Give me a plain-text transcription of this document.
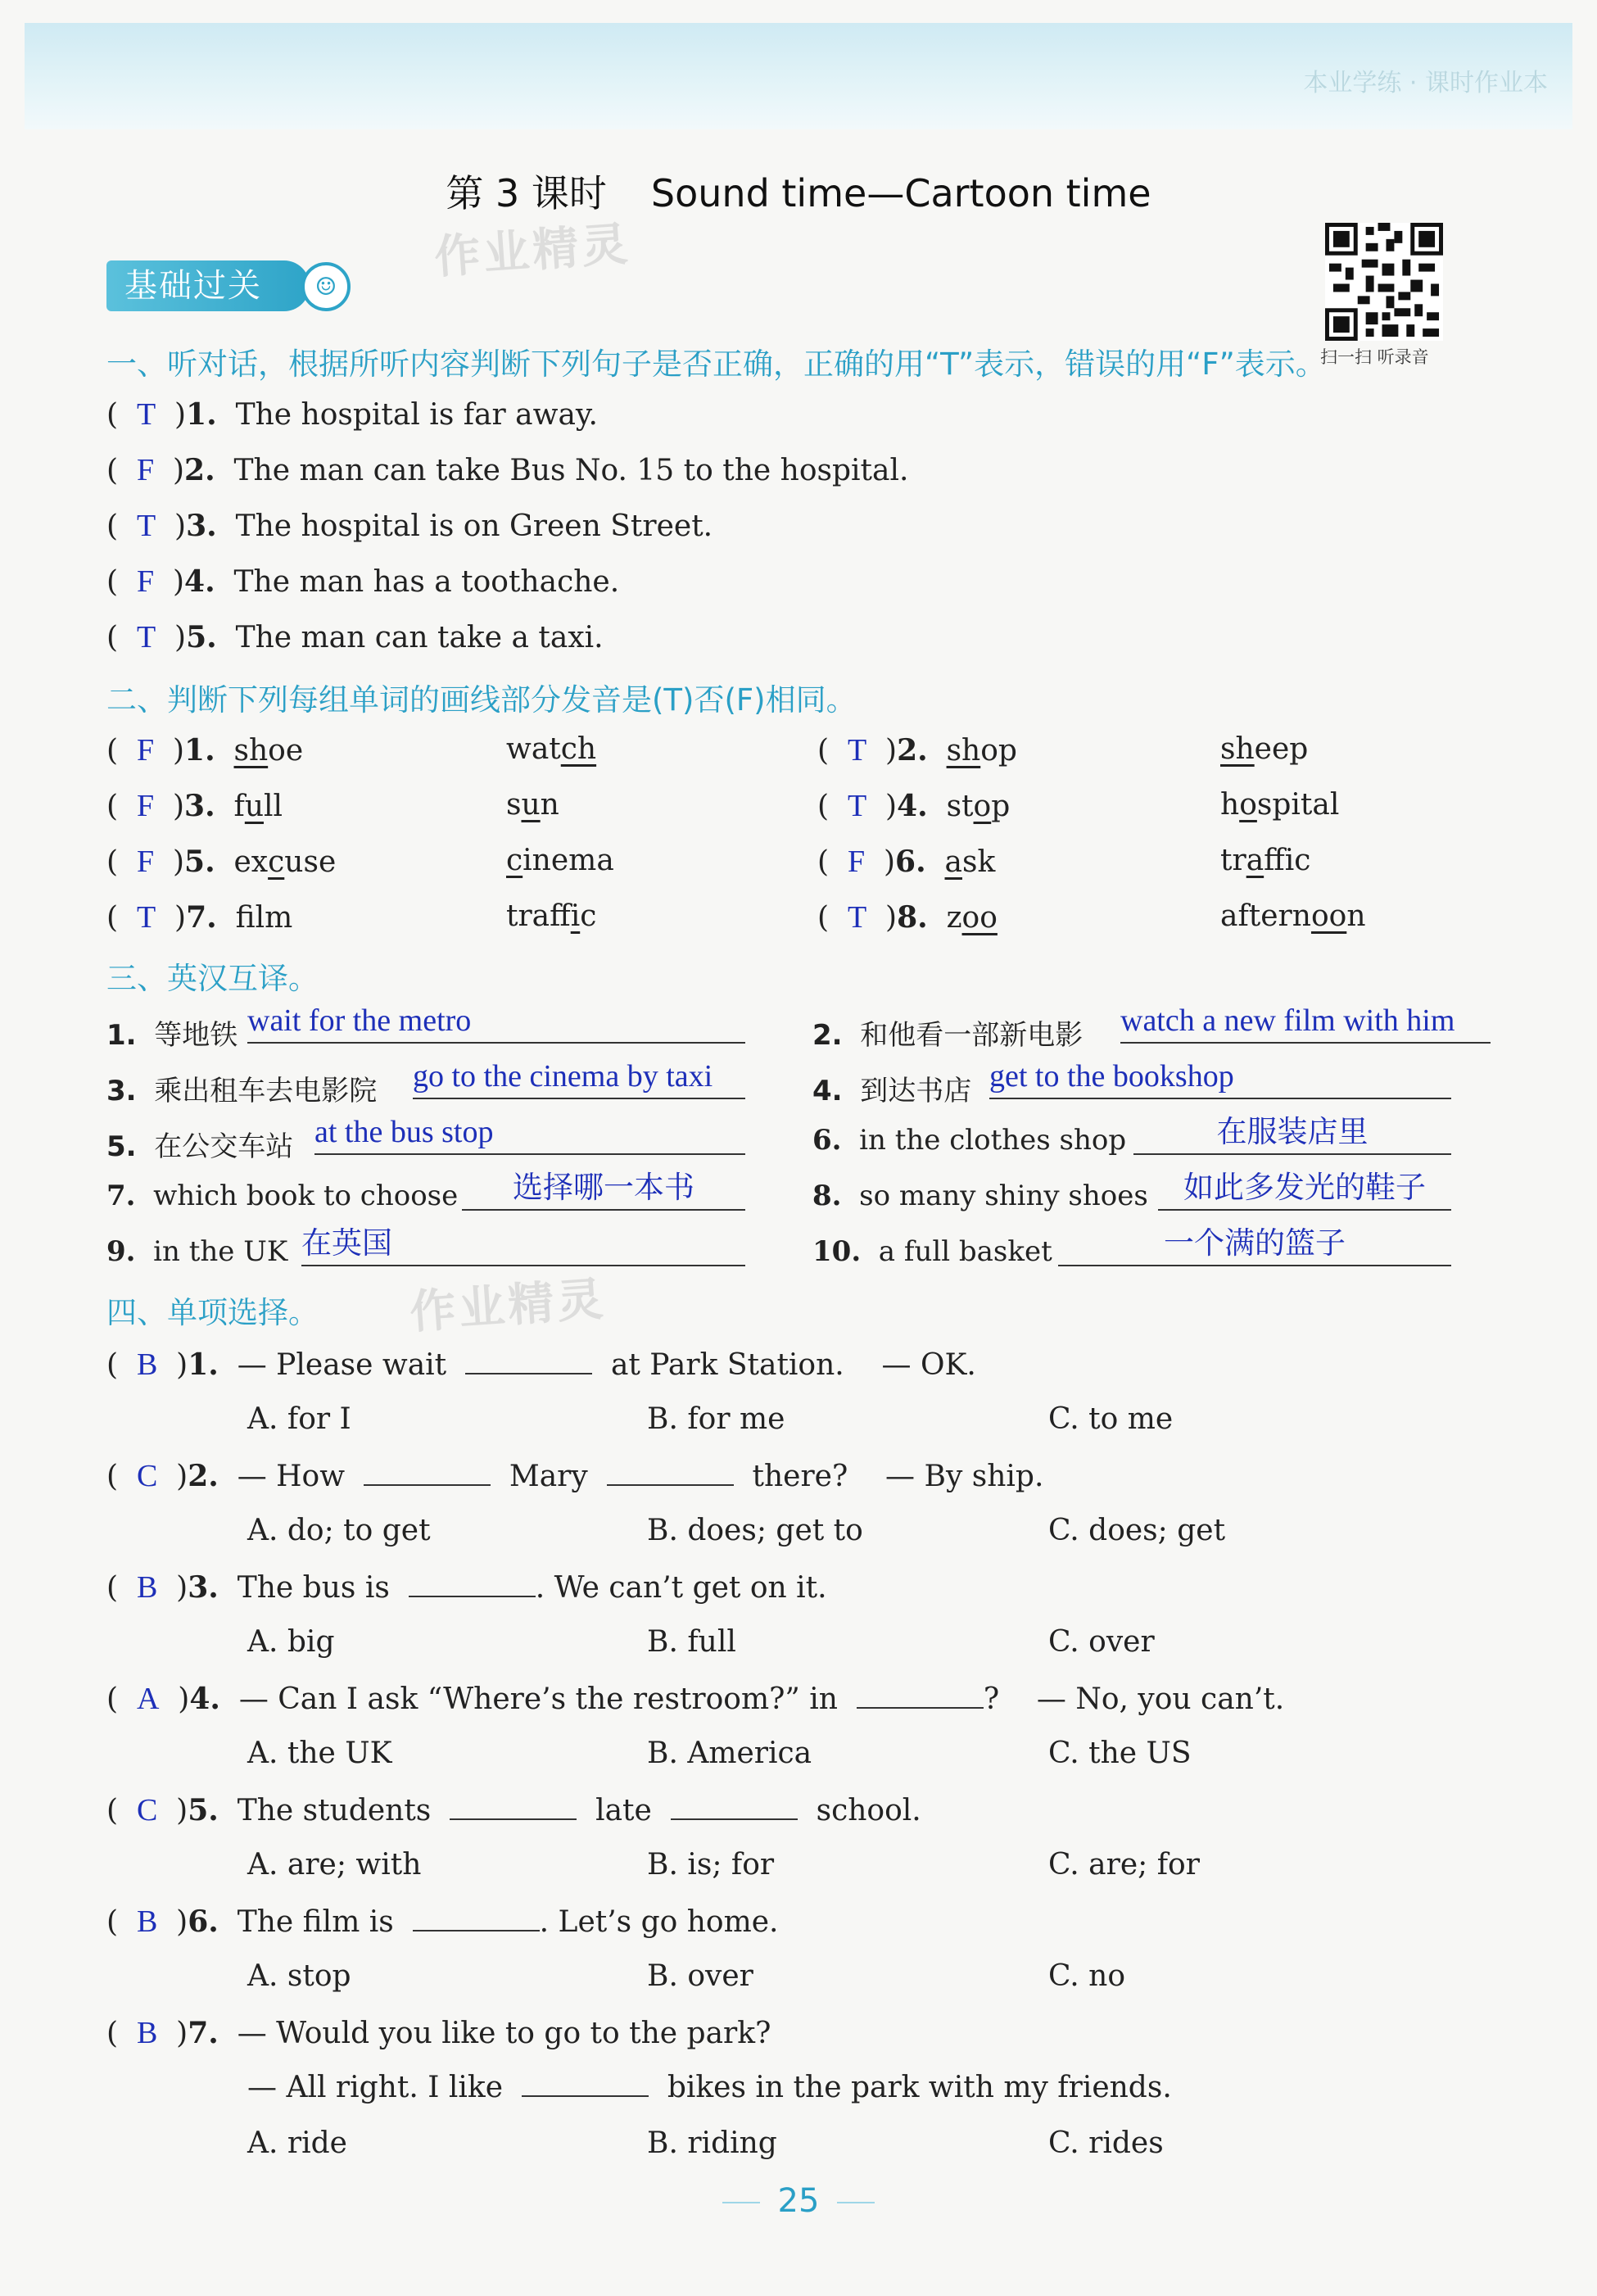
本业学练 · 课时作业本
第 3 课时 Sound time—Cartoon time
作业精灵
作业精灵
扫一扫 听录音
基础过关	☺
一、听对话，根据所听内容判断下列句子是否正确，正确的用“T”表示，错误的用“F”表示。
(  T  )1. The hospital is far away.
(  F  )2. The man can take Bus No. 15 to the hospital.
(  T  )3. The hospital is on Green Street.
(  F  )4. The man has a toothache.
(  T  )5. The man can take a taxi.
二、判断下列每组单词的画线部分发音是(T)否(F)相同。
(  F  )1. shoe	watch	(  T  )2. shop	sheep
(  F  )3. full	sun	(  T  )4. stop	hospital
(  F  )5. excuse	cinema	(  F  )6. ask	traffic
(  T  )7. flm	traffic	(  T  )8. zoo	afternoon
三、英汉互译。
1. 等地铁 wait for the metro	2. 和他看一部新电影 watch a new film with him
3. 乘出租车去电影院 go to the cinema by taxi	4. 到达书店 get to the bookshop
5. 在公交车站 at the bus stop	6. in the clothes shop	在服装店里
7. which book to choose	选择哪一本书	8. so many shiny shoes	如此多发光的鞋子
9. in the UK 在英国	10. a full basket	一个满的篮子
四、单项选择。
(  B  )1. — Please wait	at Park Station. — OK.
A. for I	B. for me	C. to me
(  C  )2. — How	Mary	there? — By ship.
A. do; to get	B. does; get to	C. does; get
(  B  )3. The bus is	. We can’t get on it.
A. big	B. full	C. over
(  A  )4. — Can I ask “Where’s the restroom?” in	? — No, you can’t.
A. the UK	B. America	C. the US
(  C  )5. The students	late	school.
A. are; with	B. is; for	C. are; for
(  B  )6. The film is	. Let’s go home.
A. stop	B. over	C. no
(  B  )7. — Would you like to go to the park?
— All right. I like	bikes in the park with my friends.
A. ride	B. riding	C. rides
25
